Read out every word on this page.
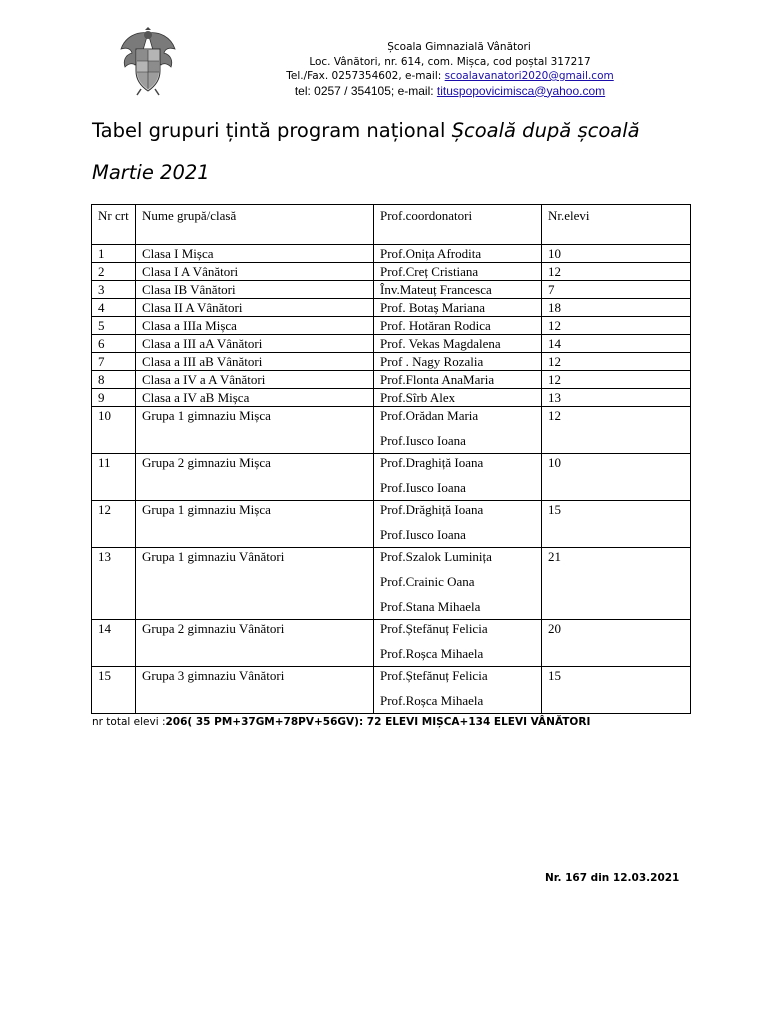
Școala Gimnazială Vânători
Loc. Vânători, nr. 614, com. Mișca, cod poștal 317217
Tel./Fax. 0257354602, e-mail: scoalavanatori2020@gmail.com
tel: 0257 / 354105; e-mail: tituspopovicimisca@yahoo.com
Tabel grupuri țintă program național Școală după școală
Martie 2021
Nr crt	Nume grupă/clasă	Prof.coordonatori	Nr.elevi
1	Clasa I Mișca	Prof.Onița Afrodita	10
2	Clasa I A Vânători	Prof.Creț Cristiana	12
3	Clasa IB Vânători	Înv.Mateuț Francesca	7
4	Clasa II A Vânători	Prof. Botaș Mariana	18
5	Clasa a IIIa Mișca	Prof. Hotăran Rodica	12
6	Clasa a III aA Vânători	Prof. Vekas Magdalena	14
7	Clasa a III aB Vânători	Prof . Nagy Rozalia	12
8	Clasa a IV a A Vânători	Prof.Flonta AnaMaria	12
9	Clasa a IV aB Mișca	Prof.Sîrb Alex	13
10	Grupa 1 gimnaziu Mișca	Prof.Orădan Maria
Prof.Iusco Ioana	12
11	Grupa 2 gimnaziu Mișca	Prof.Draghiță Ioana
Prof.Iusco Ioana	10
12	Grupa 1 gimnaziu Mișca	Prof.Drăghiță Ioana
Prof.Iusco Ioana	15
13	Grupa 1 gimnaziu Vânători	Prof.Szalok Luminița
Prof.Crainic Oana
Prof.Stana Mihaela	21
14	Grupa 2 gimnaziu Vânători	Prof.Ștefănuț Felicia
Prof.Roșca Mihaela	20
15	Grupa 3 gimnaziu Vânători	Prof.Ștefănuț Felicia
Prof.Roșca Mihaela	15
nr total elevi :206( 35 PM+37GM+78PV+56GV): 72 ELEVI MIȘCA+134 ELEVI VÂNĂTORI
Nr. 167 din 12.03.2021
